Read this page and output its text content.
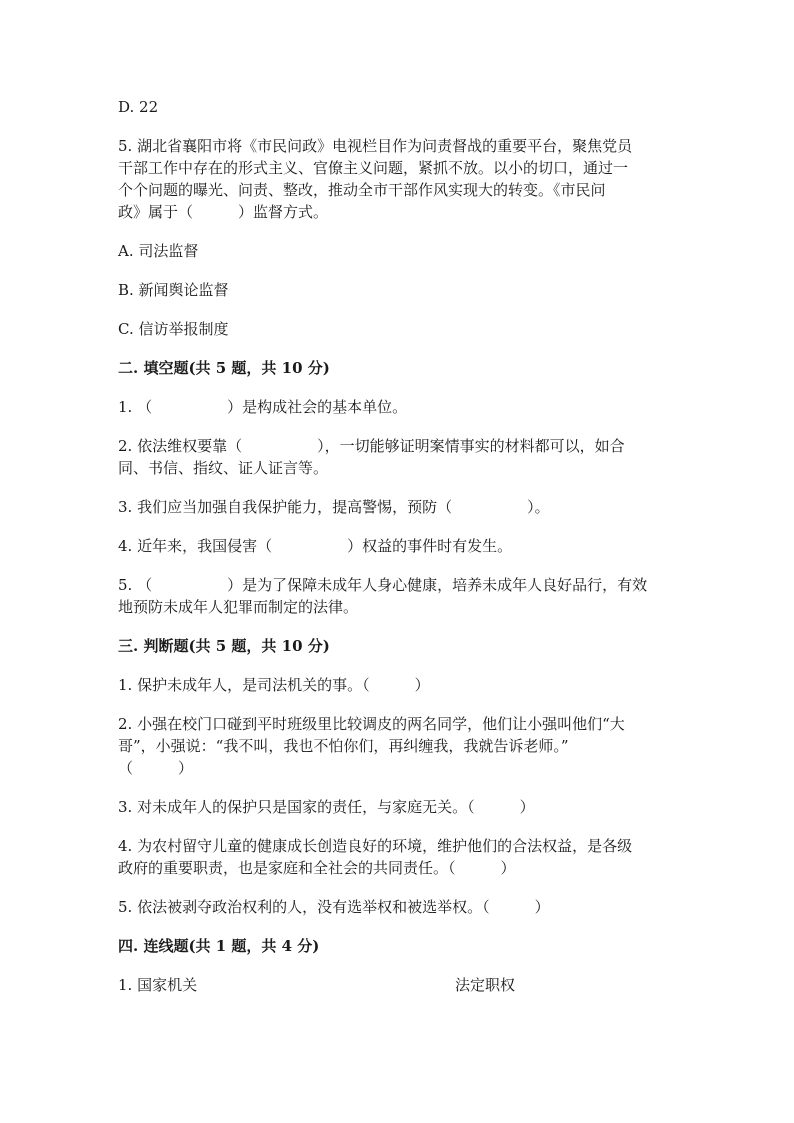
D. 22

5. 湖北省襄阳市将《市民问政》电视栏目作为问责督战的重要平台，聚焦党员

干部工作中存在的形式主义、官僚主义问题，紧抓不放。以小的切口，通过一

个个问题的曝光、问责、整改，推动全市干部作风实现大的转变。《市民问

政》属于（　　　）监督方式。

A. 司法监督

B. 新闻舆论监督

C. 信访举报制度

二. 填空题(共 5 题，共 10 分)

1. （　　　　　）是构成社会的基本单位。

2. 依法维权要靠（　　　　　），一切能够证明案情事实的材料都可以，如合

同、书信、指纹、证人证言等。

3. 我们应当加强自我保护能力，提高警惕，预防（　　　　　）。

4. 近年来，我国侵害（　　　　　）权益的事件时有发生。

5. （　　　　　）是为了保障未成年人身心健康，培养未成年人良好品行，有效

地预防未成年人犯罪而制定的法律。

三. 判断题(共 5 题，共 10 分)

1. 保护未成年人，是司法机关的事。（　　　）

2. 小强在校门口碰到平时班级里比较调皮的两名同学，他们让小强叫他们“大

哥”，小强说：“我不叫，我也不怕你们，再纠缠我，我就告诉老师。”

（　　　）

3. 对未成年人的保护只是国家的责任，与家庭无关。（　　　）

4. 为农村留守儿童的健康成长创造良好的环境，维护他们的合法权益，是各级

政府的重要职责，也是家庭和全社会的共同责任。（　　　）

5. 依法被剥夺政治权利的人，没有选举权和被选举权。（　　　）

四. 连线题(共 1 题，共 4 分)
1. 国家机关	法定职权
